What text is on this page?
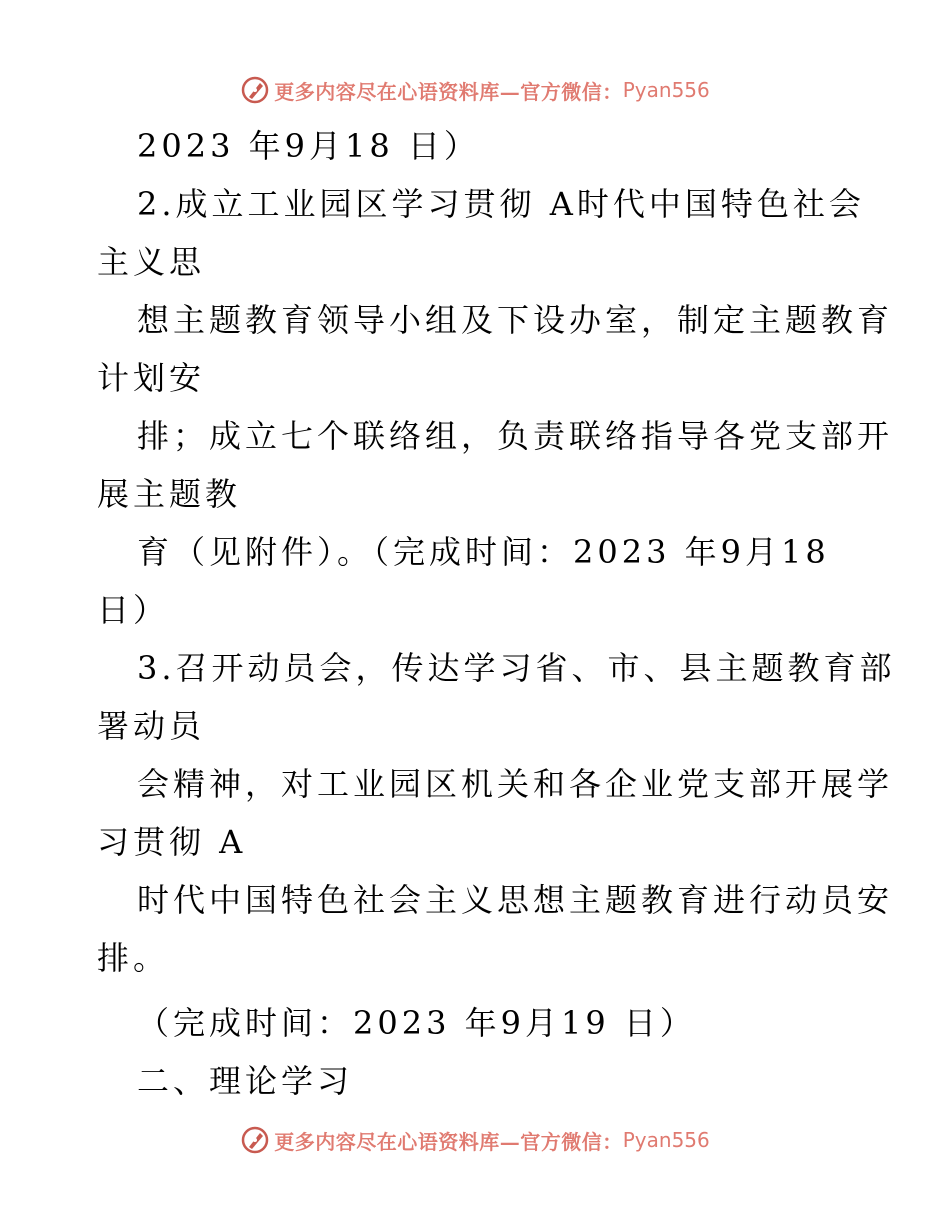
更多内容尽在心语资料库—官方微信： Pyan556
2023 年9月18 日）
2.成立工业园区学习贯彻 A时代中国特色社会
主义思
想主题教育领导小组及下设办室，制定主题教育
计划安
排；成立七个联络组，负责联络指导各党支部开
展主题教
育（见附件）。（完成时间：2023 年9月18
日）
3.召开动员会，传达学习省、市、县主题教育部
署动员
会精神，对工业园区机关和各企业党支部开展学
习贯彻 A
时代中国特色社会主义思想主题教育进行动员安
排。
（完成时间：2023 年9月19 日）
二、理论学习
更多内容尽在心语资料库—官方微信： Pyan556
